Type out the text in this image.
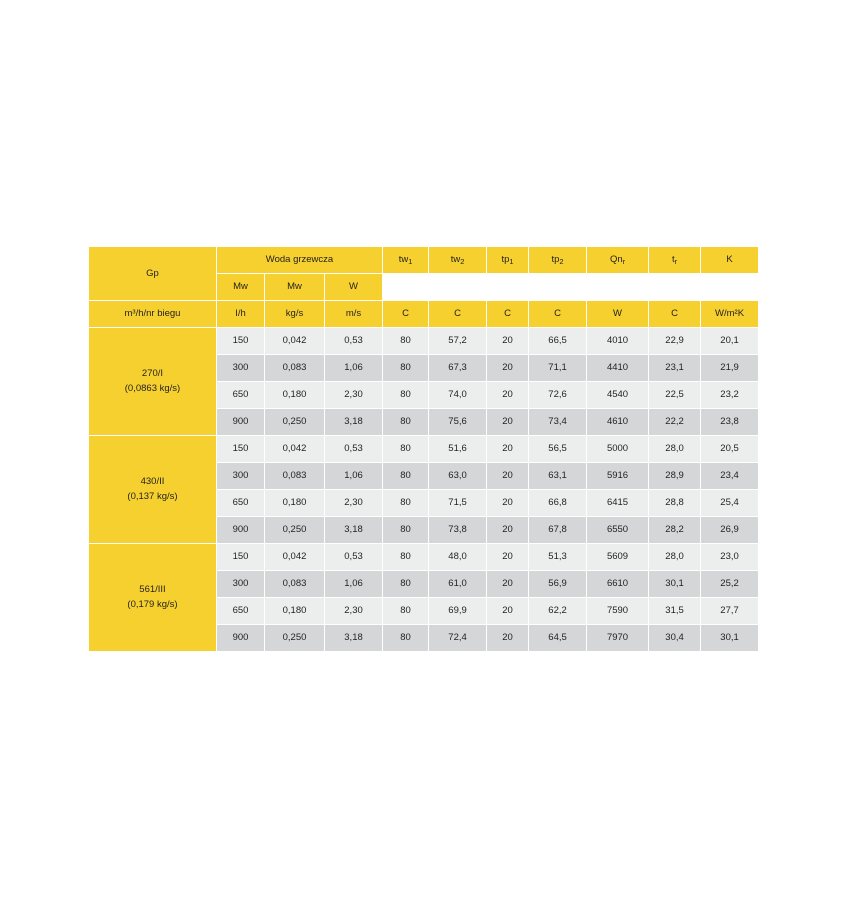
Gp	Woda grzewcza			$tw_1$	$tw_2$	$tp_1$	$tp_2$	$Qn_r$	$t_r$	K
	Mw	Mw	W							
m³/h/nr biegu	I/h	kg/s	m/s	C	C	C	C	W	C	W/m²K

270/I
(0,0863 kg/s)	150	0,042	0,53	80	57,2	20	66,5	4010	22,9	20,1
	300	0,083	1,06	80	67,3	20	71,1	4410	23,1	21,9
	650	0,180	2,30	80	74,0	20	72,6	4540	22,5	23,2
	900	0,250	3,18	80	75,6	20	73,4	4610	22,2	23,8

430/II
(0,137 kg/s)	150	0,042	0,53	80	51,6	20	56,5	5000	28,0	20,5
	300	0,083	1,06	80	63,0	20	63,1	5916	28,9	23,4
	650	0,180	2,30	80	71,5	20	66,8	6415	28,8	25,4
	900	0,250	3,18	80	73,8	20	67,8	6550	28,2	26,9

561/III
(0,179 kg/s)	150	0,042	0,53	80	48,0	20	51,3	5609	28,0	23,0
	300	0,083	1,06	80	61,0	20	56,9	6610	30,1	25,2
	650	0,180	2,30	80	69,9	20	62,2	7590	31,5	27,7
	900	0,250	3,18	80	72,4	20	64,5	7970	30,4	30,1
